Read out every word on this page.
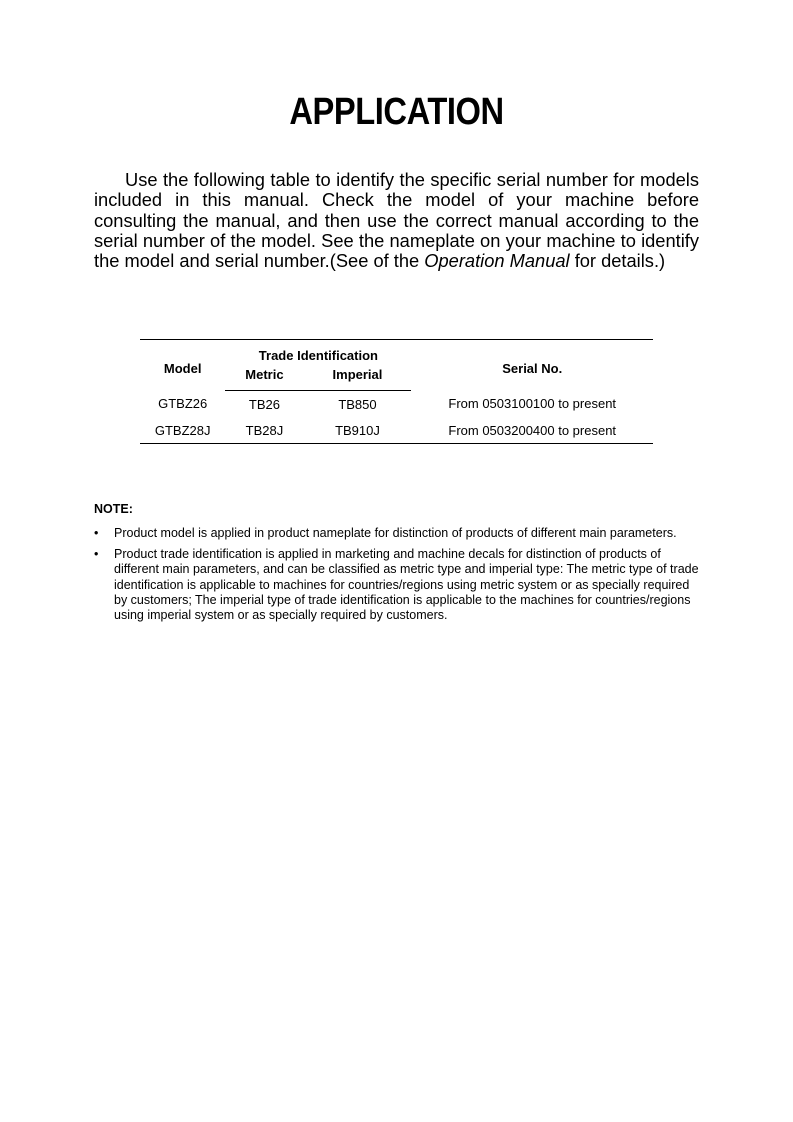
APPLICATION

Use the following table to identify the specific serial number for models included in this manual. Check the model of your machine before consulting the manual, and then use the correct manual according to the serial number of the model. See the nameplate on your machine to identify the model and serial number.(See of the Operation Manual for details.)

Model	Trade Identification		Serial No.
	Metric	Imperial	
GTBZ26	TB26	TB850	From 0503100100 to present
GTBZ28J	TB28J	TB910J	From 0503200400 to present
NOTE:
• Product model is applied in product nameplate for distinction of products of different main parameters.
• Product trade identification is applied in marketing and machine decals for distinction of products of different main parameters, and can be classified as metric type and imperial type: The metric type of trade identification is applicable to machines for countries/regions using metric system or as specially required by customers; The imperial type of trade identification is applicable to the machines for countries/regions using imperial system or as specially required by customers.
